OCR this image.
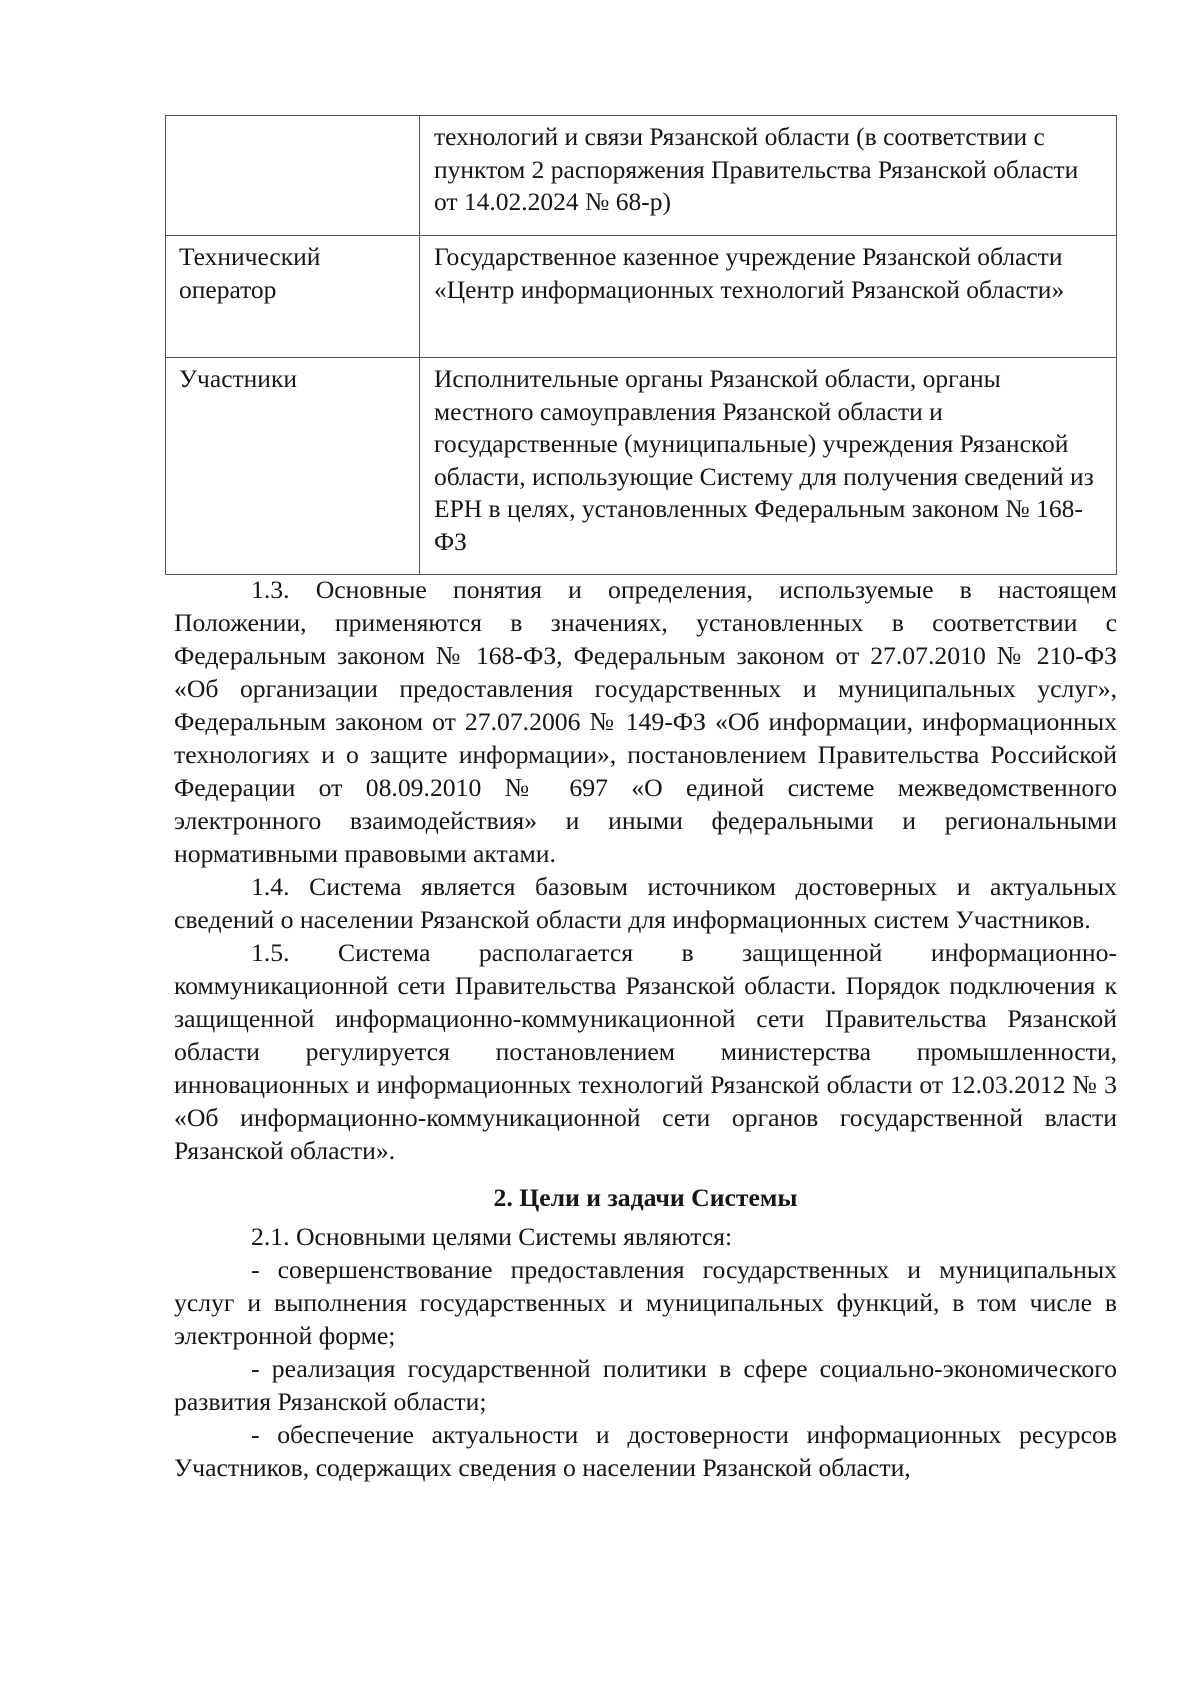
	технологий и связи Рязанской области (в соответствии с пунктом 2 распоряжения Правительства Рязанской области от 14.02.2024 № 68-р)
Технический оператор	Государственное казенное учреждение Рязанской области «Центр информационных технологий Рязанской области»
Участники	Исполнительные органы Рязанской области, органы местного самоуправления Рязанской области и государственные (муниципальные) учреждения Рязанской области, использующие Систему для получения сведений из ЕРН в целях, установленных Федеральным законом № 168-ФЗ

1.3. Основные понятия и определения, используемые в настоящем Положении, применяются в значениях, установленных в соответствии с Федеральным законом № 168-ФЗ, Федеральным законом от 27.07.2010 № 210-ФЗ «Об организации предоставления государственных и муниципальных услуг», Федеральным законом от 27.07.2006 № 149-ФЗ «Об информации, информационных технологиях и о защите информации», постановлением Правительства Российской Федерации от 08.09.2010 № 697 «О единой системе межведомственного электронного взаимодействия» и иными федеральными и региональными нормативными правовыми актами.

1.4. Система является базовым источником достоверных и актуальных сведений о населении Рязанской области для информационных систем Участников.

1.5. Система располагается в защищенной информационно-коммуникационной сети Правительства Рязанской области. Порядок подключения к защищенной информационно-коммуникационной сети Правительства Рязанской области регулируется постановлением министерства промышленности, инновационных и информационных технологий Рязанской области от 12.03.2012 № 3 «Об информационно-коммуникационной сети органов государственной власти Рязанской области».

2. Цели и задачи Системы

2.1. Основными целями Системы являются:

- совершенствование предоставления государственных и муниципальных услуг и выполнения государственных и муниципальных функций, в том числе в электронной форме;

- реализация государственной политики в сфере социально-экономического развития Рязанской области;

- обеспечение актуальности и достоверности информационных ресурсов Участников, содержащих сведения о населении Рязанской области,
